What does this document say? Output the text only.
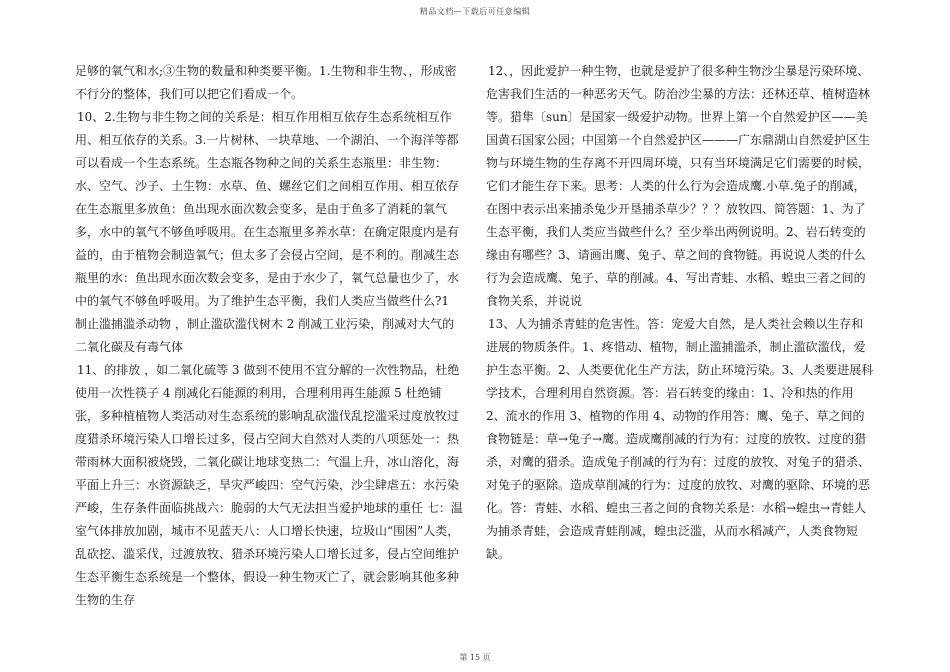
精品文档—下载后可任意编辑

足够的氧气和水;③生物的数量和种类要平衡。1.生物和非生物、，形成密不行分的整体，我们可以把它们看成一个。

10、2.生物与非生物之间的关系是：相互作用相互依存生态系统相互作用、相互依存的关系。3.一片树林、一块草地、一个湖泊、一个海洋等都可以看成一个生态系统。生态瓶各物种之间的关系生态瓶里：非生物：水、空气、沙子、土生物：水草、鱼、螺丝它们之间相互作用、相互依存在生态瓶里多放鱼：鱼出现水面次数会变多，是由于鱼多了消耗的氧气多，水中的氧气不够鱼呼吸用。在生态瓶里多养水草：在确定限度内是有益的，由于植物会制造氧气；但太多了会侵占空间，是不利的。削减生态瓶里的水：鱼出现水面次数会变多，是由于水少了，氧气总量也少了，水中的氧气不够鱼呼吸用。为了维护生态平衡，我们人类应当做些什么?1 制止滥捕滥杀动物 ，制止滥砍滥伐树木 2 削减工业污染，削减对大气的二氧化碳及有毒气体

11、的排放 ，如二氧化硫等 3 做到不使用不宜分解的一次性物品，杜绝使用一次性筷子 4 削减化石能源的利用，合理利用再生能源 5 杜绝铺张，多种植植物人类活动对生态系统的影响乱砍滥伐乱挖滥采过度放牧过度猎杀环境污染人口增长过多，侵占空间大自然对人类的八项惩处一：热带雨林大面积被烧毁，二氧化碳让地球变热二：气温上升，冰山溶化，海平面上升三：水资源缺乏，旱灾严峻四：空气污染，沙尘肆虐五：水污染严峻，生存条件面临挑战六：脆弱的大气无法担当爱护地球的重任 七：温室气体排放加剧，城市不见蓝天八：人口增长快速，垃圾山“围困”人类，乱砍挖、滥采伐，过渡放牧、猎杀环境污染人口增长过多，侵占空间维护生态平衡生态系统是一个整体，假设一种生物灭亡了，就会影响其他多种生物的生存

12、，因此爱护一种生物，也就是爱护了很多种生物沙尘暴是污染环境、危害我们生活的一种恶劣天气。防治沙尘暴的方法：还林还草、植树造林等。猎隼〔sun〕是国家一级爱护动物。世界上第一个自然爱护区——美国黄石国家公园；中国第一个自然爱护区———广东鼎湖山自然爱护区生物与环境生物的生存离不开四周环境，只有当环境满足它们需要的时候，它们才能生存下来。思考：人类的什么行为会造成鹰.小草.兔子的削减，在图中表示出来捕杀兔少开垦捕杀草少？？？放牧四、简答题：1、为了生态平衡，我们人类应当做些什么？至少举出两例说明。2、岩石转变的缘由有哪些？3、请画出鹰、兔子、草之间的食物链。再说说人类的什么行为会造成鹰、兔子、草的削减。4、写出青蛙、水稻、蝗虫三者之间的食物关系，并说说

13、人为捕杀青蛙的危害性。答：宠爱大自然，是人类社会赖以生存和进展的物质条件。1、疼惜动、植物，制止滥捕滥杀，制止滥砍滥伐，爱护生态平衡。2、人类要优化生产方法，防止环境污染。3、人类要进展科学技术，合理利用自然资源。答：岩石转变的缘由：1、冷和热的作用 2、流水的作用 3、植物的作用 4、动物的作用答：鹰、兔子、草之间的食物链是：草→兔子→鹰。造成鹰削减的行为有：过度的放牧、过度的猎杀，对鹰的猎杀。造成兔子削减的行为有：过度的放牧、对兔子的猎杀、对兔子的驱除。造成草削减的行为：过度的放牧、对鹰的驱除、环境的恶化。答：青蛙、水稻、蝗虫三者之间的食物关系是：水稻→蝗虫→青蛙人为捕杀青蛙，会造成青蛙削减，蝗虫泛滥，从而水稻减产，人类食物短缺。

第 15 页
